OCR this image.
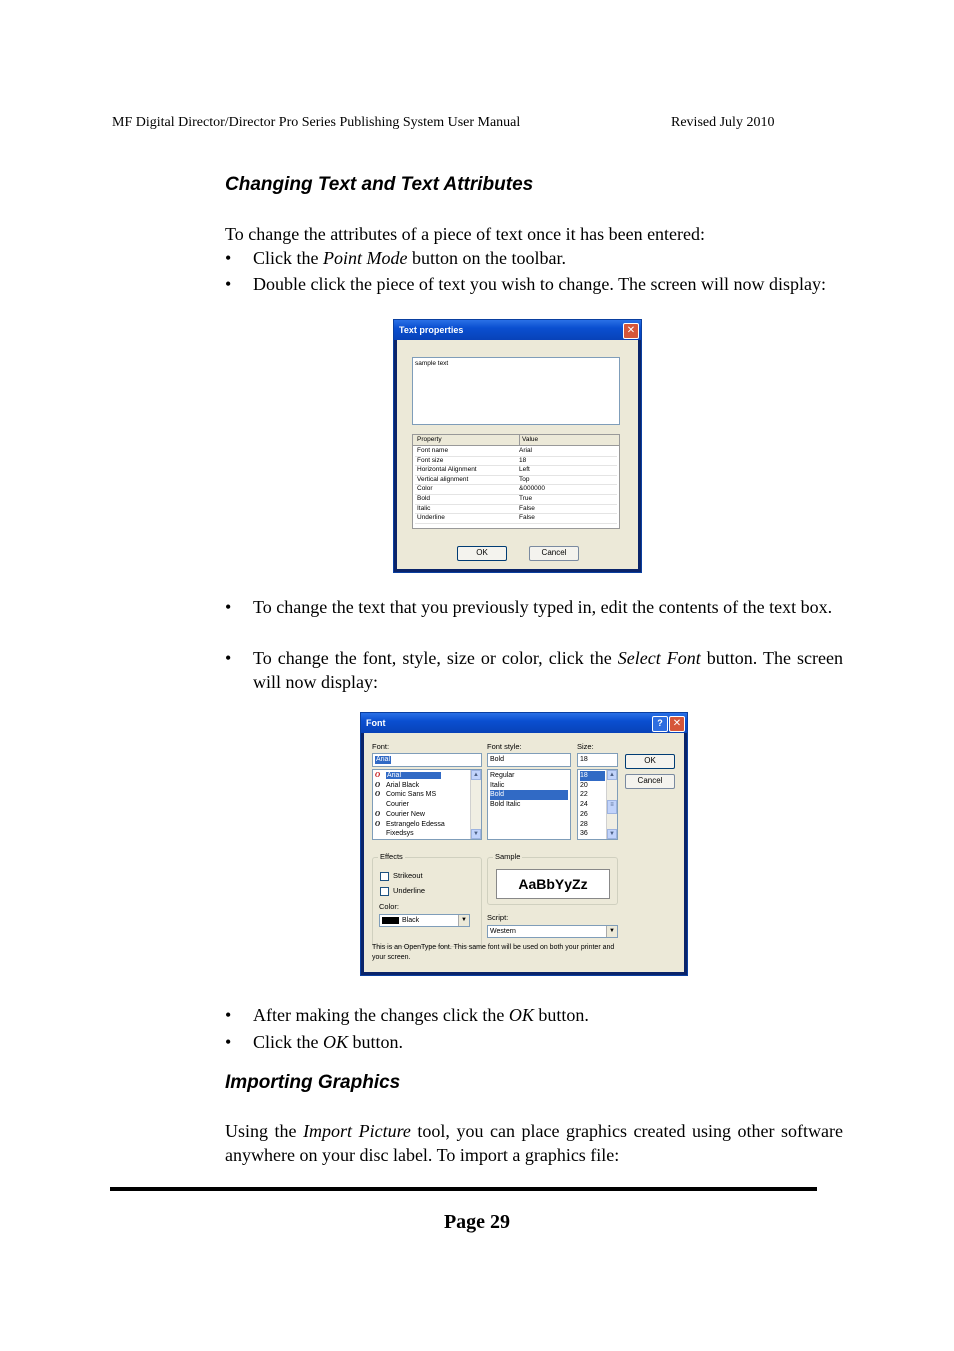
MF Digital Director/Director Pro Series Publishing System User Manual	Revised July 2010
Changing Text and Text Attributes
To change the attributes of a piece of text once it has been entered:
•	Click the Point Mode button on the toolbar.
•	Double click the piece of text you wish to change. The screen will now display:
Text properties	✕
sample text
Property	Value
Font name	Arial
Font size	18
Horizontal Alignment	Left
Vertical alignment	Top
Color	&000000
Bold	True
Italic	False
Underline	False
OK	Cancel
•	To change the text that you previously typed in, edit the contents of the text box.
•	To change the font, style, size or color, click the Select Font button. The screen will now display:
Font	?	✕
Font:
Arial
O Arial
O Arial Black
O Comic Sans MS
Courier
O Courier New
O Estrangelo Edessa
Fixedsys
▲
▼
Font style:
Bold
Regular
Italic
Bold
Bold Italic
Size:
18
18
20
22
24
26
28
36
▲
≡
▼
OK
Cancel
Effects
Strikeout
Underline
Color:
Black	▼
Sample
AaBbYyZz
Script:
Western	▼
This is an OpenType font. This same font will be used on both your printer and your screen.
•	After making the changes click the OK button.
•	Click the OK button.
Importing Graphics
Using the Import Picture tool, you can place graphics created using other software anywhere on your disc label. To import a graphics file:
Page 29
